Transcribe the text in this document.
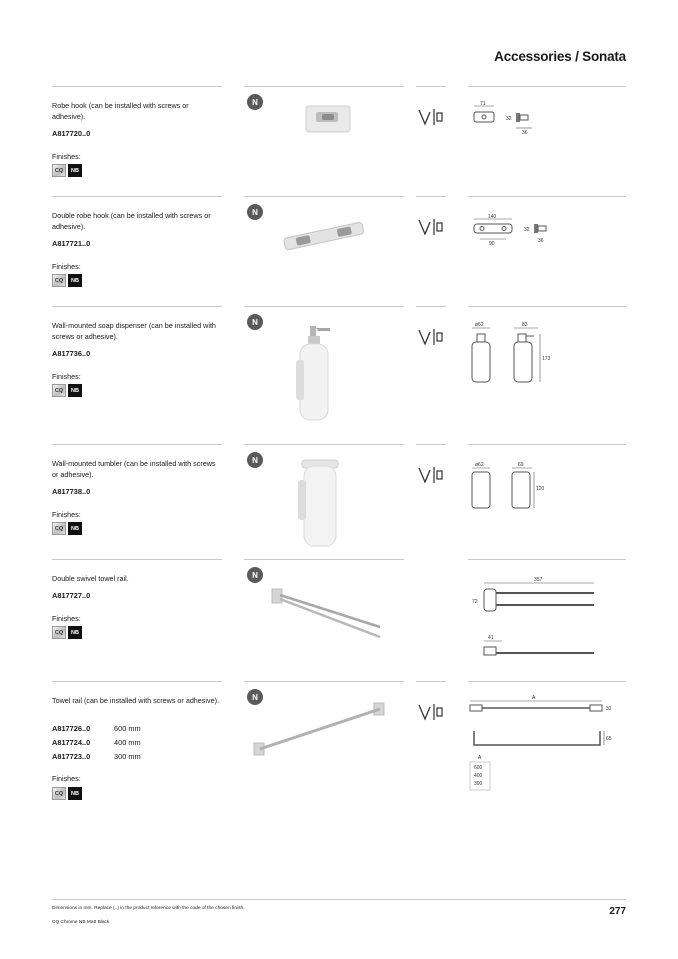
Accessories / Sonata
Robe hook (can be installed with screws or adhesive).
A817720..0
Finishes:
CQ	NB
N	71
32
36
Double robe hook (can be installed with screws or adhesive).
A817721..0
Finishes:
CQ	NB
N
140
90
32
36
Wall-mounted soap dispenser (can be installed with screws or adhesive).
A817736..0
Finishes:
CQ	NB
N	ø62	83
173
Wall-mounted tumbler (can be installed with screws or adhesive).
A817738..0
Finishes:
CQ	NB
N
ø62	69
120
Double swivel towel rail.
A817727..0
Finishes:
CQ	NB
N
357
72
41
Towel rail (can be installed with screws or adhesive).
A817726..0	600 mm
A817724..0	400 mm
A817723..0	300 mm
Finishes:
CQ	NB
N	A
32
65
A
600
400
300
Dimensions in mm. Replace (..) in the product reference with the code of the chosen finish.
CQ Chrome NB Matt Black
277
